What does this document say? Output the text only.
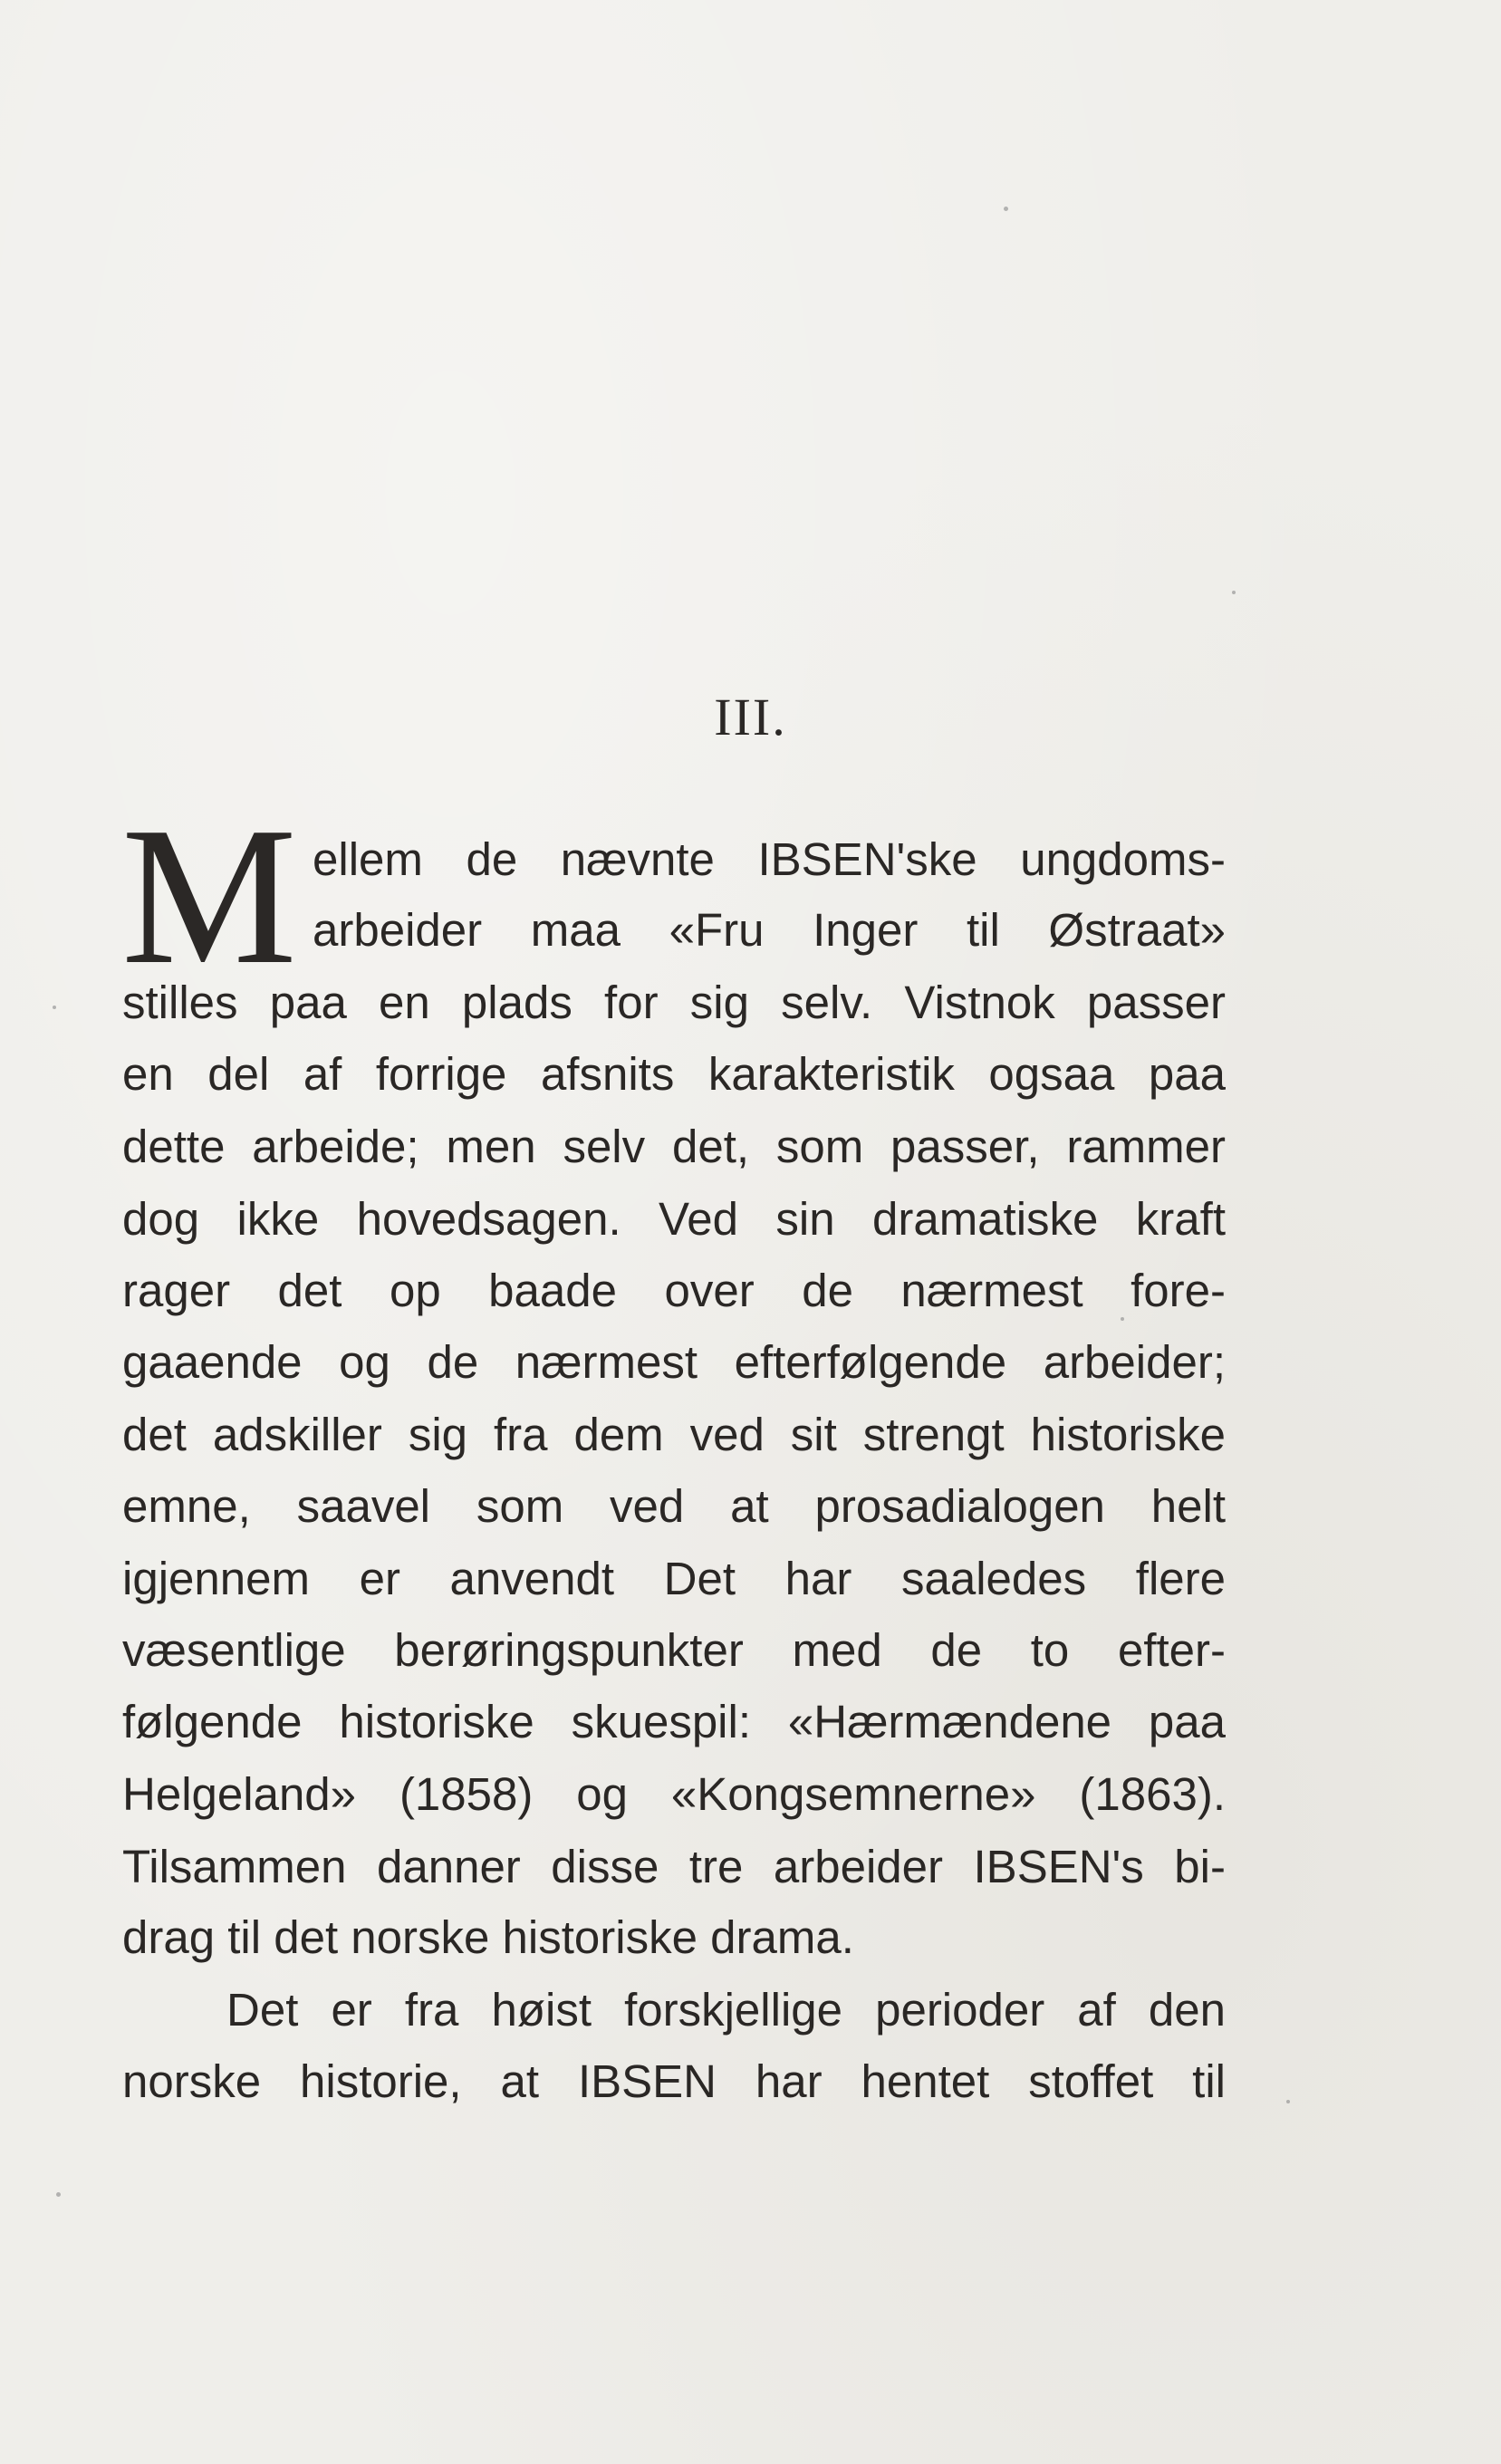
III.
M ellem de nævnte IBSEN'ske ungdoms-
arbeider maa «Fru Inger til Østraat»
stilles paa en plads for sig selv. Vistnok passer
en del af forrige afsnits karakteristik ogsaa paa
dette arbeide; men selv det, som passer, rammer
dog ikke hovedsagen. Ved sin dramatiske kraft
rager det op baade over de nærmest fore-
gaaende og de nærmest efterfølgende arbeider;
det adskiller sig fra dem ved sit strengt historiske
emne, saavel som ved at prosadialogen helt
igjennem er anvendt Det har saaledes flere
væsentlige berøringspunkter med de to efter-
følgende historiske skuespil: «Hærmændene paa
Helgeland» (1858) og «Kongsemnerne» (1863).
Tilsammen danner disse tre arbeider IBSEN's bi-
drag til det norske historiske drama.
Det er fra høist forskjellige perioder af den
norske historie, at IBSEN har hentet stoffet til
